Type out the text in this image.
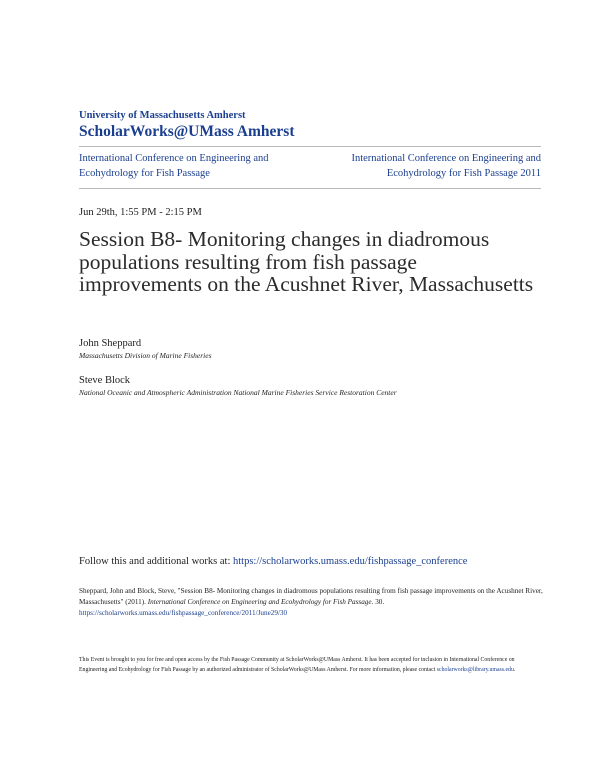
University of Massachusetts Amherst
ScholarWorks@UMass Amherst
International Conference on Engineering and Ecohydrology for Fish Passage
International Conference on Engineering and Ecohydrology for Fish Passage 2011
Jun 29th, 1:55 PM - 2:15 PM
Session B8- Monitoring changes in diadromous populations resulting from fish passage improvements on the Acushnet River, Massachusetts
John Sheppard
Massachusetts Division of Marine Fisheries
Steve Block
National Oceanic and Atmospheric Administration National Marine Fisheries Service Restoration Center
Follow this and additional works at: https://scholarworks.umass.edu/fishpassage_conference
Sheppard, John and Block, Steve, "Session B8- Monitoring changes in diadromous populations resulting from fish passage improvements on the Acushnet River, Massachusetts" (2011). International Conference on Engineering and Ecohydrology for Fish Passage. 30.
https://scholarworks.umass.edu/fishpassage_conference/2011/June29/30
This Event is brought to you for free and open access by the Fish Passage Community at ScholarWorks@UMass Amherst. It has been accepted for inclusion in International Conference on Engineering and Ecohydrology for Fish Passage by an authorized administrator of ScholarWorks@UMass Amherst. For more information, please contact scholarworks@library.umass.edu.
